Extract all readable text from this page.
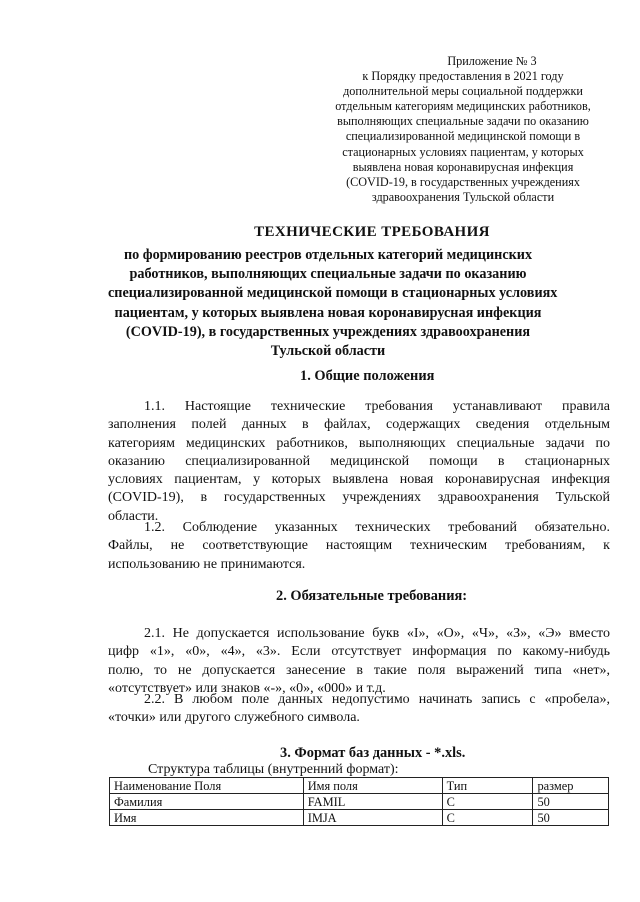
Приложение № 3
к Порядку предоставления в 2021 году
дополнительной меры социальной поддержки
отдельным категориям медицинских работников,
выполняющих специальные задачи по оказанию
специализированной медицинской помощи в
стационарных условиях пациентам, у которых
выявлена новая коронавирусная инфекция
(COVID-19, в государственных учреждениях
здравоохранения Тульской области
ТЕХНИЧЕСКИЕ ТРЕБОВАНИЯ
по формированию реестров отдельных категорий медицинских
работников, выполняющих специальные задачи по оказанию
специализированной медицинской помощи в стационарных условиях
пациентам, у которых выявлена новая коронавирусная инфекция
(COVID-19), в государственных учреждениях здравоохранения
Тульской области
1. Общие положения
1.1. Настоящие технические требования устанавливают правила
заполнения полей данных в файлах, содержащих сведения отдельным
категориям медицинских работников, выполняющих специальные задачи по
оказанию специализированной медицинской помощи в стационарных
условиях пациентам, у которых выявлена новая коронавирусная инфекция
(COVID-19), в государственных учреждениях здравоохранения Тульской
области.
1.2. Соблюдение указанных технических требований обязательно.
Файлы, не соответствующие настоящим техническим требованиям, к
использованию не принимаются.
2. Обязательные требования:
2.1. Не допускается использование букв «I», «О», «Ч», «З», «Э» вместо
цифр «1», «0», «4», «3». Если отсутствует информация по какому-нибудь
полю, то не допускается занесение в такие поля выражений типа «нет»,
«отсутствует» или знаков «-», «0», «000» и т.д.
2.2. В любом поле данных недопустимо начинать запись с «пробела»,
«точки» или другого служебного символа.
3. Формат баз данных - *.xls.
Структура таблицы (внутренний формат):
Наименование Поля	Имя поля	Тип	размер
Фамилия	FAMIL	C	50
Имя	IMJA	C	50
